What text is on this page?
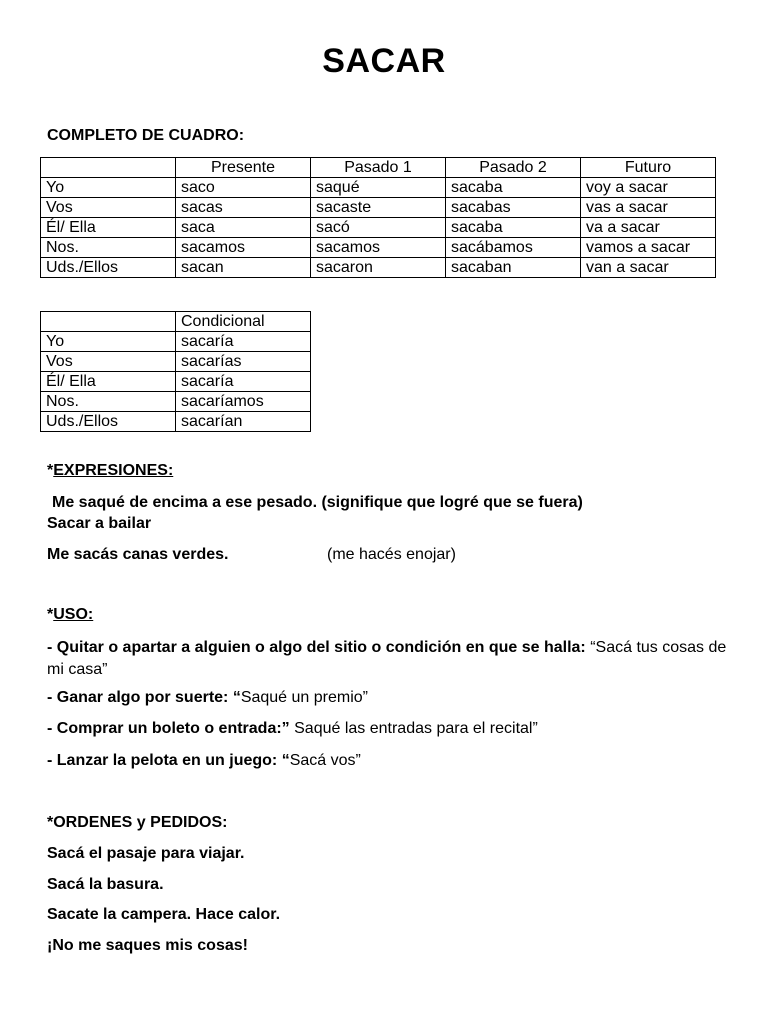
SACAR
COMPLETO DE CUADRO:
	Presente	Pasado 1	Pasado 2	Futuro
Yo	saco	saqué	sacaba	voy a sacar
Vos	sacas	sacaste	sacabas	vas a sacar
Él/ Ella	saca	sacó	sacaba	va a sacar
Nos.	sacamos	sacamos	sacábamos	vamos a sacar
Uds./Ellos	sacan	sacaron	sacaban	van a sacar
	Condicional
Yo	sacaría
Vos	sacarías
Él/ Ella	sacaría
Nos.	sacaríamos
Uds./Ellos	sacarían
*EXPRESIONES:
Me saqué de encima a ese pesado. (signifique que logré que se fuera)
Sacar a bailar
Me sacás canas verdes.	(me hacés enojar)
*USO:
- Quitar o apartar a alguien o algo del sitio o condición en que se halla: “Sacá tus cosas de mi casa”
- Ganar algo por suerte: “Saqué un premio”
- Comprar un boleto o entrada:” Saqué las entradas para el recital”
- Lanzar la pelota en un juego: “Sacá vos”
*ORDENES y PEDIDOS:
Sacá el pasaje para viajar.
Sacá la basura.
Sacate la campera. Hace calor.
¡No me saques mis cosas!
